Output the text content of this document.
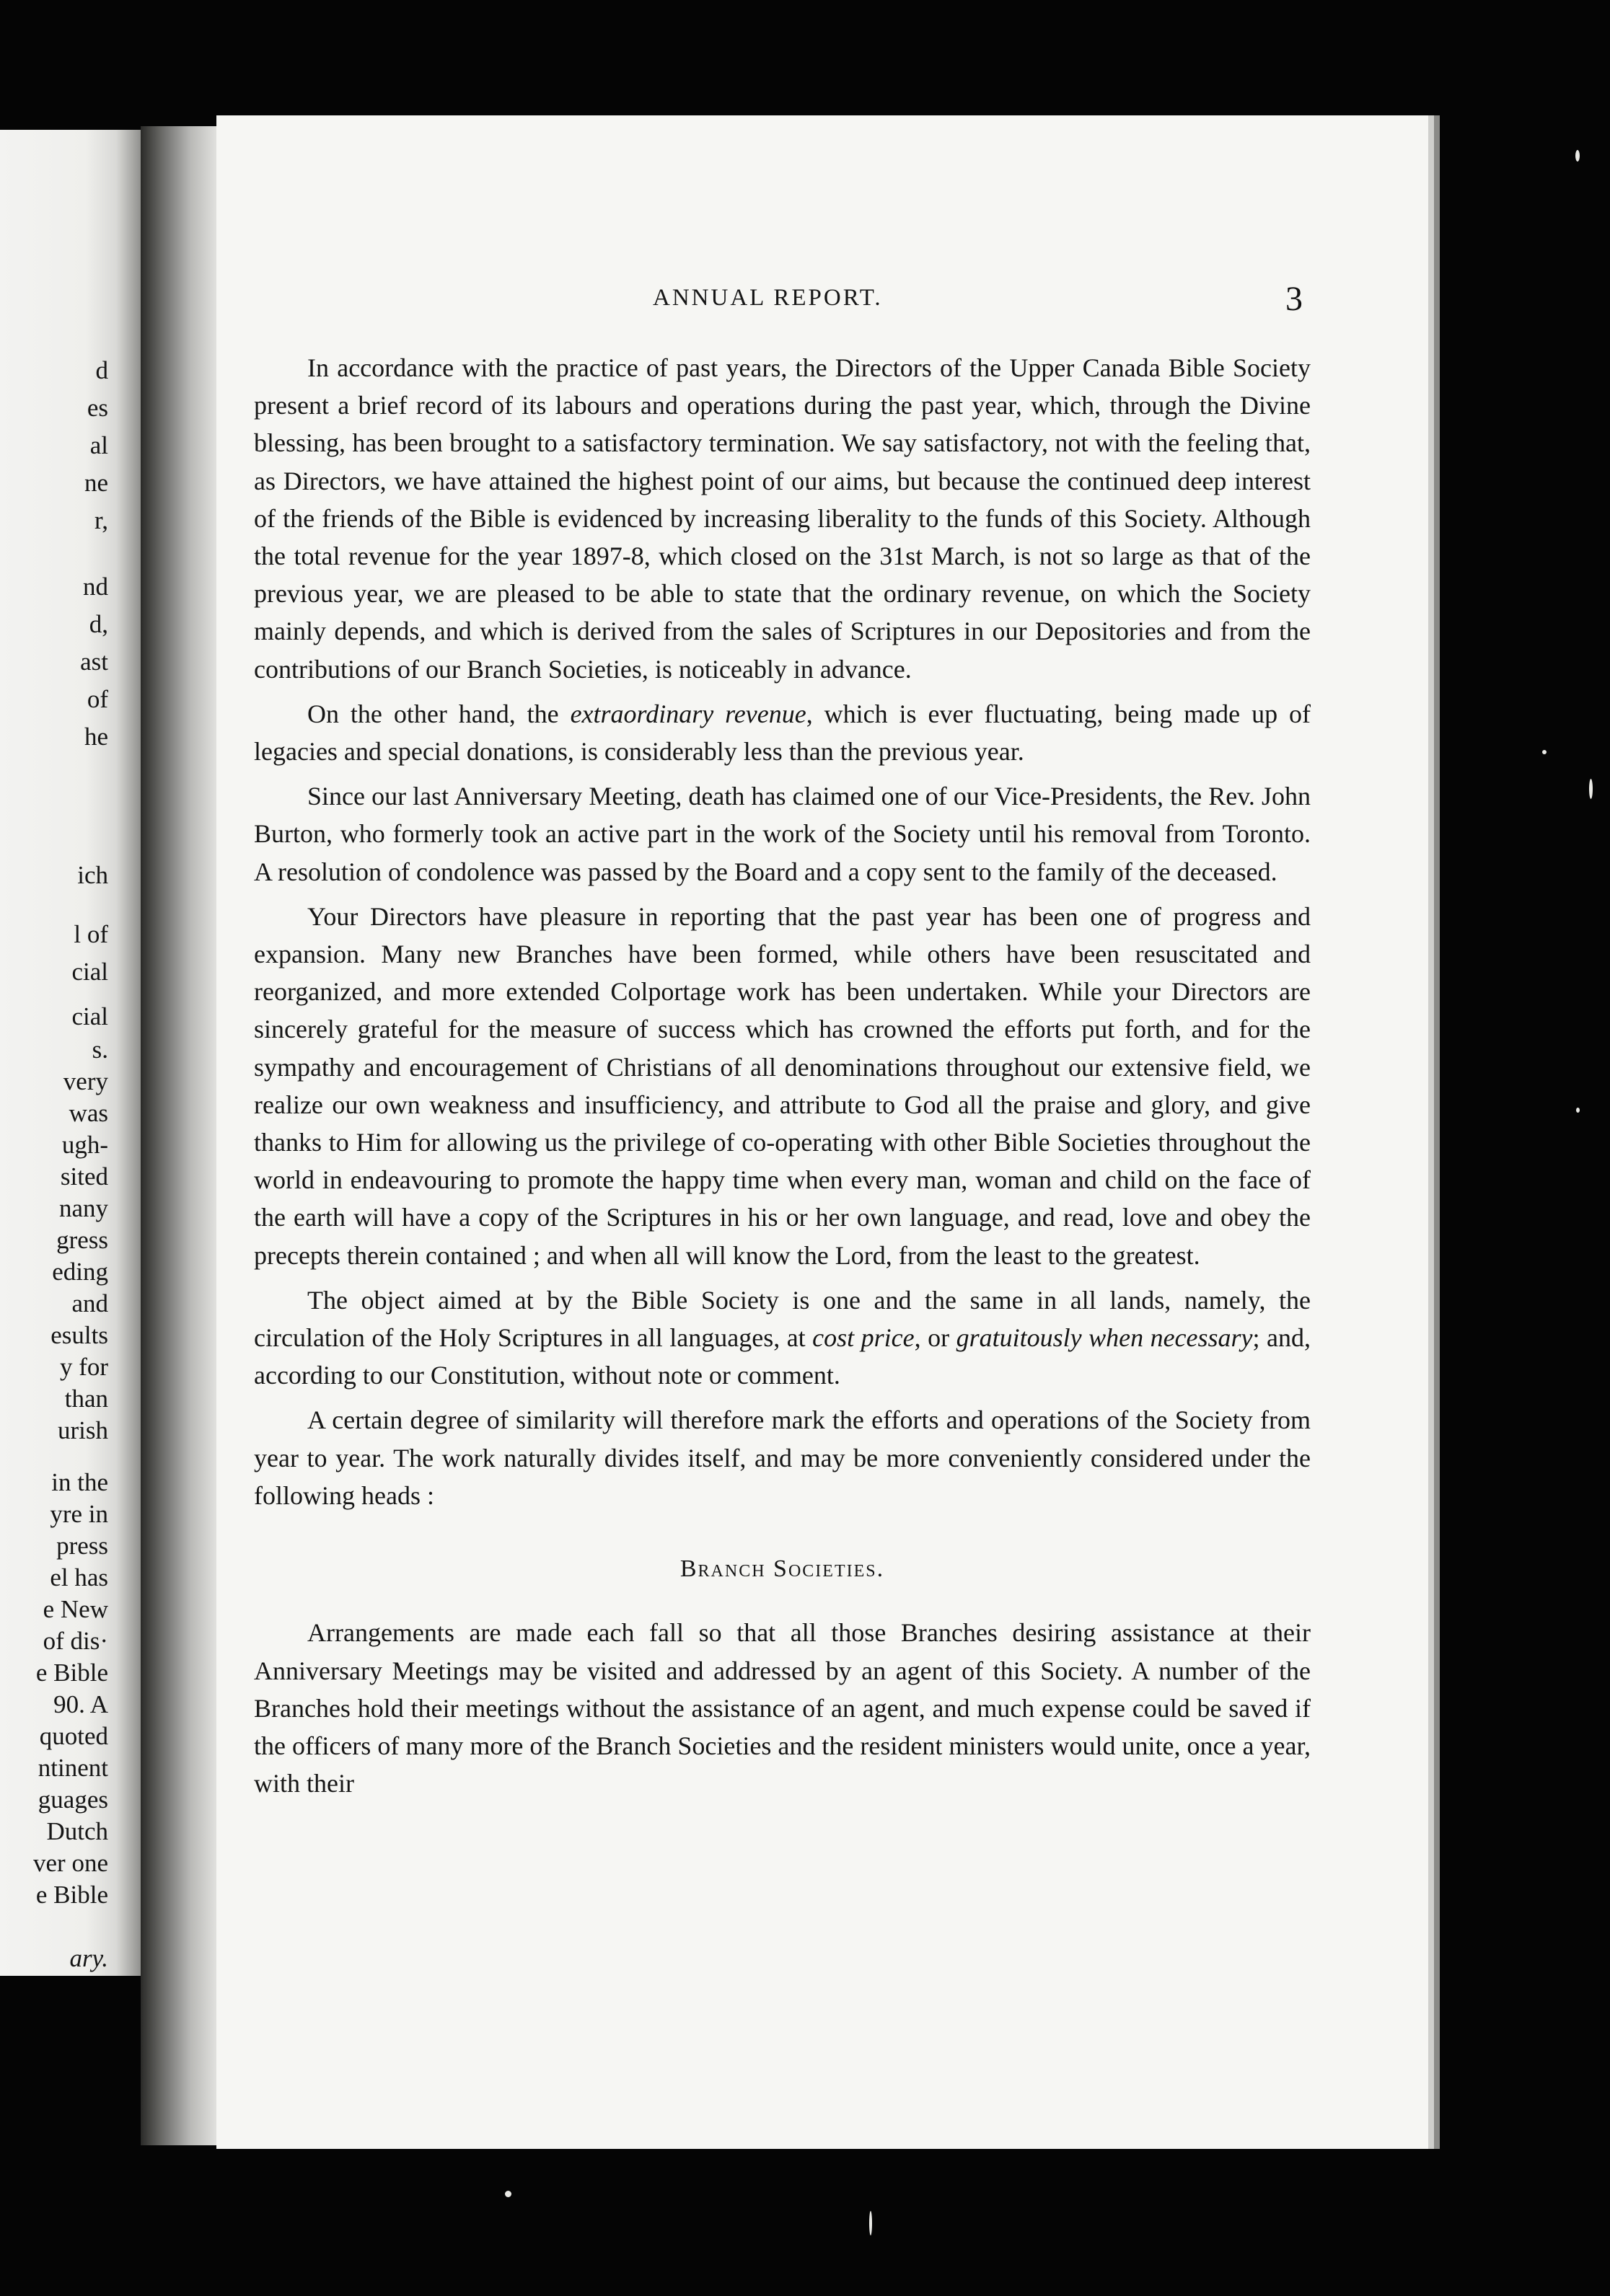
d
es
al
ne
r,
nd
d,
ast
of
he
ich
l of
cial
cial
s.
very
was
ugh-
sited
nany
gress
eding
and
esults
y for
than
urish
in the
yre in
press
el has
e New
of dis·
e Bible
90. A
quoted
ntinent
guages
Dutch
ver one
e Bible
ary.
ANNUAL REPORT.	3

In accordance with the practice of past years, the Directors of the Upper Canada Bible Society present a brief record of its labours and operations during the past year, which, through the Divine blessing, has been brought to a satisfactory termination. We say satisfactory, not with the feeling that, as Directors, we have attained the highest point of our aims, but because the continued deep interest of the friends of the Bible is evidenced by increasing liberality to the funds of this Society. Although the total revenue for the year 1897-8, which closed on the 31st March, is not so large as that of the previous year, we are pleased to be able to state that the ordinary revenue, on which the Society mainly depends, and which is derived from the sales of Scriptures in our Depositories and from the contributions of our Branch Societies, is noticeably in advance.

On the other hand, the extraordinary revenue, which is ever fluctuating, being made up of legacies and special donations, is considerably less than the previous year.

Since our last Anniversary Meeting, death has claimed one of our Vice-Presidents, the Rev. John Burton, who formerly took an active part in the work of the Society until his removal from Toronto. A resolution of condolence was passed by the Board and a copy sent to the family of the deceased.

Your Directors have pleasure in reporting that the past year has been one of progress and expansion. Many new Branches have been formed, while others have been resuscitated and reorganized, and more extended Colportage work has been undertaken. While your Directors are sincerely grateful for the measure of success which has crowned the efforts put forth, and for the sympathy and encouragement of Christians of all denominations throughout our extensive field, we realize our own weakness and insufficiency, and attribute to God all the praise and glory, and give thanks to Him for allowing us the privilege of co-operating with other Bible Societies throughout the world in endeavouring to promote the happy time when every man, woman and child on the face of the earth will have a copy of the Scriptures in his or her own language, and read, love and obey the precepts therein contained ; and when all will know the Lord, from the least to the greatest.

The object aimed at by the Bible Society is one and the same in all lands, namely, the circulation of the Holy Scriptures in all languages, at cost price, or gratuitously when necessary; and, according to our Constitution, without note or comment.

A certain degree of similarity will therefore mark the efforts and operations of the Society from year to year. The work naturally divides itself, and may be more conveniently considered under the following heads :

Branch Societies.

Arrangements are made each fall so that all those Branches desiring assistance at their Anniversary Meetings may be visited and addressed by an agent of this Society. A number of the Branches hold their meetings without the assistance of an agent, and much expense could be saved if the officers of many more of the Branch Societies and the resident ministers would unite, once a year, with their
